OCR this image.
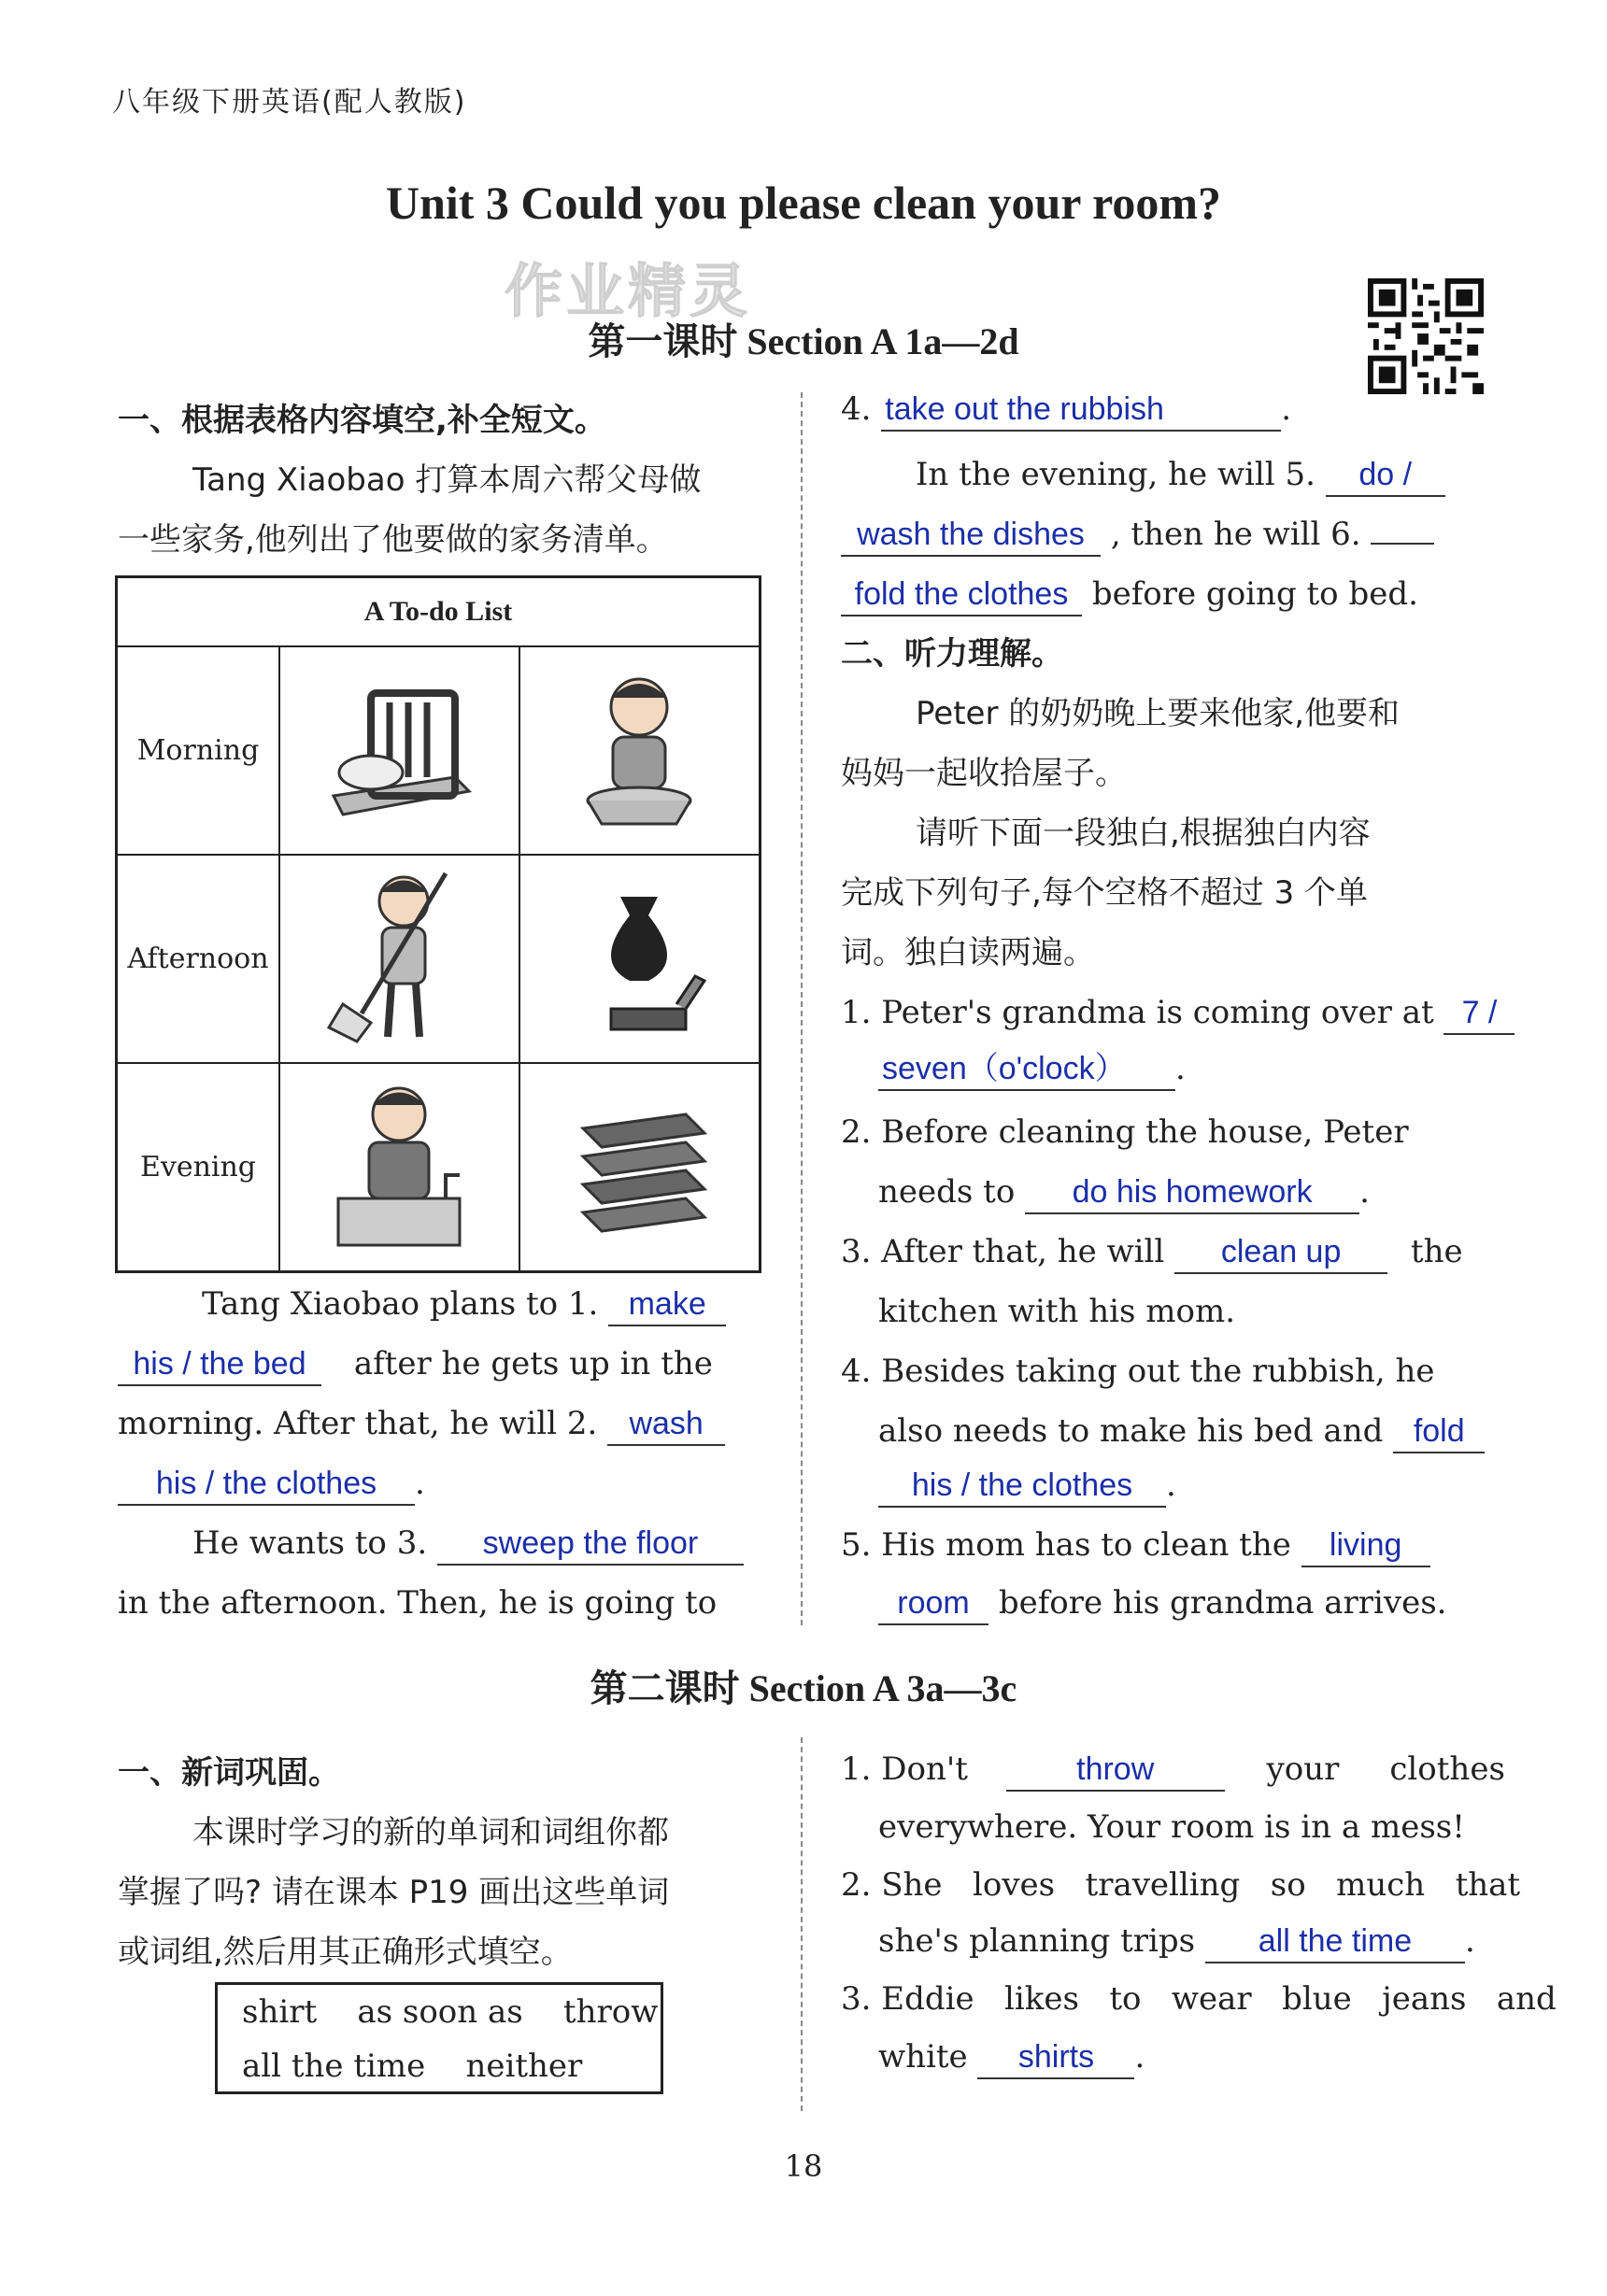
八年级下册英语(配人教版)
Unit 3 Could you please clean your room?
作业精灵
第一课时 Section A 1a—2d
一、根据表格内容填空,补全短文。
Tang Xiaobao 打算本周六帮父母做
一些家务,他列出了他要做的家务清单。
A To-do List		
Morning		
Afternoon		
Evening		
Tang Xiaobao plans to 1. make
his / the bed after he gets up in the
morning. After that, he will 2. wash
his / the clothes .
He wants to 3. sweep the floor
in the afternoon. Then, he is going to
4. take out the rubbish	.
In the evening, he will 5. do /
wash the dishes , then he will 6.
fold the clothes before going to bed.
二、听力理解。
Peter 的奶奶晚上要来他家,他要和
妈妈一起收拾屋子。
请听下面一段独白,根据独白内容
完成下列句子,每个空格不超过 3 个单
词。独白读两遍。
1. Peter's grandma is coming over at 7 /
seven（o'clock） .
2. Before cleaning the house, Peter
needs to do his homework .
3. After that, he will clean up the
kitchen with his mom.
4. Besides taking out the rubbish, he
also needs to make his bed and fold
his / the clothes .
5. His mom has to clean the living
room before his grandma arrives.
第二课时 Section A 3a—3c
一、新词巩固。
本课时学习的新的单词和词组你都
掌握了吗? 请在课本 P19 画出这些单词
或词组,然后用其正确形式填空。
shirt    as soon as    throw
all the time    neither
1. Don't	throw	your     clothes
everywhere. Your room is in a mess!
2. She   loves   travelling   so   much   that
she's planning trips all the time .
3. Eddie   likes   to   wear   blue   jeans   and
white shirts .
18
